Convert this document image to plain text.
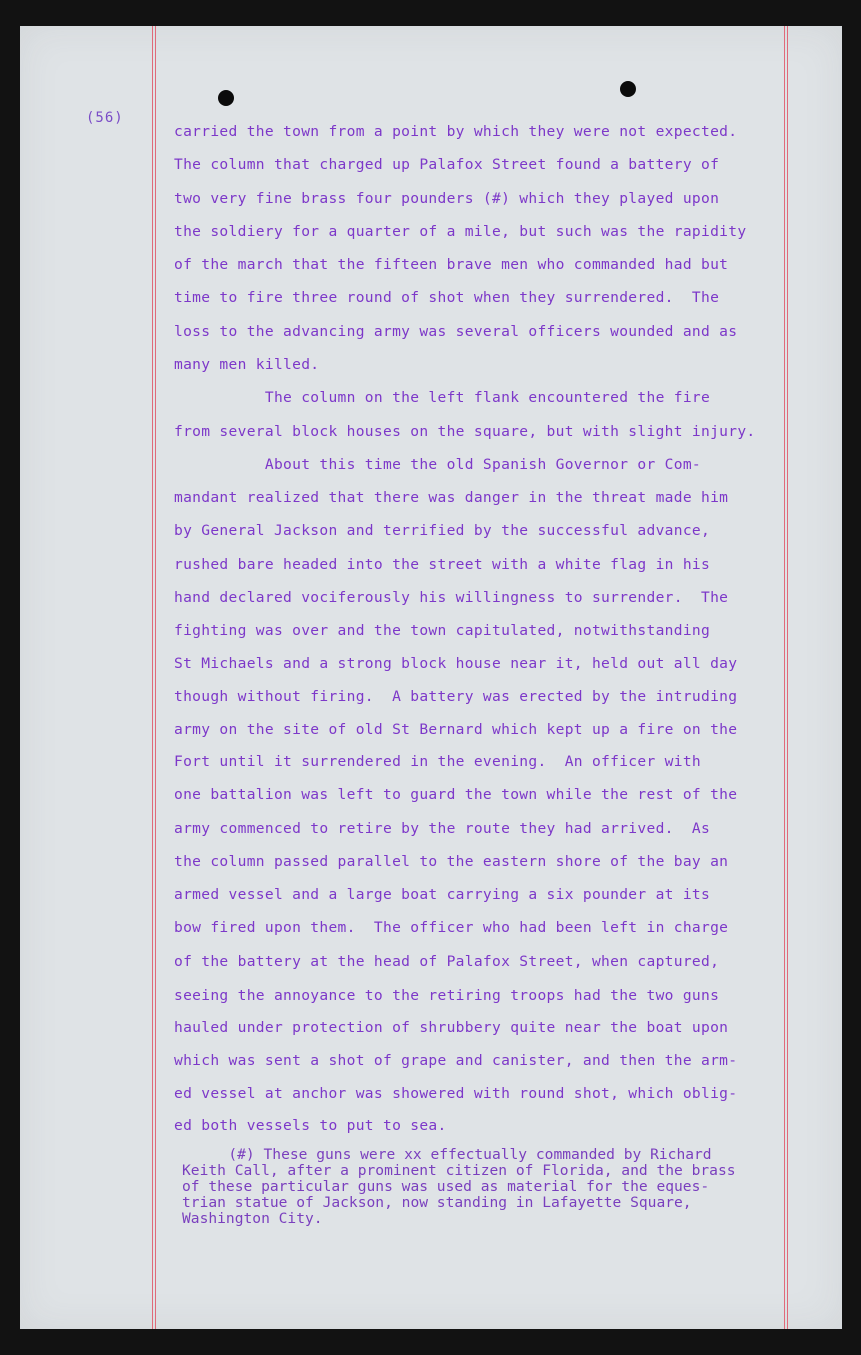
(56)

carried the town from a point by which they were not expected.

The column that charged up Palafox Street found a battery of

two very fine brass four pounders (#) which they played upon

the soldiery for a quarter of a mile, but such was the rapidity

of the march that the fifteen brave men who commanded had but

time to fire three round of shot when they surrendered.  The

loss to the advancing army was several officers wounded and as

many men killed.

The column on the left flank encountered the fire

from several block houses on the square, but with slight injury.

About this time the old Spanish Governor or Com-

mandant realized that there was danger in the threat made him

by General Jackson and terrified by the successful advance,

rushed bare headed into the street with a white flag in his

hand declared vociferously his willingness to surrender.  The

fighting was over and the town capitulated, notwithstanding

St Michaels and a strong block house near it, held out all day

though without firing.  A battery was erected by the intruding

army on the site of old St Bernard which kept up a fire on the

Fort until it surrendered in the evening.  An officer with

one battalion was left to guard the town while the rest of the

army commenced to retire by the route they had arrived.  As

the column passed parallel to the eastern shore of the bay an

armed vessel and a large boat carrying a six pounder at its

bow fired upon them.  The officer who had been left in charge

of the battery at the head of Palafox Street, when captured,

seeing the annoyance to the retiring troops had the two guns

hauled under protection of shrubbery quite near the boat upon

which was sent a shot of grape and canister, and then the arm-

ed vessel at anchor was showered with round shot, which oblig-

ed both vessels to put to sea.

(#) These guns were xx effectually commanded by Richard

Keith Call, after a prominent citizen of Florida, and the brass

of these particular guns was used as material for the eques-

trian statue of Jackson, now standing in Lafayette Square,

Washington City.
